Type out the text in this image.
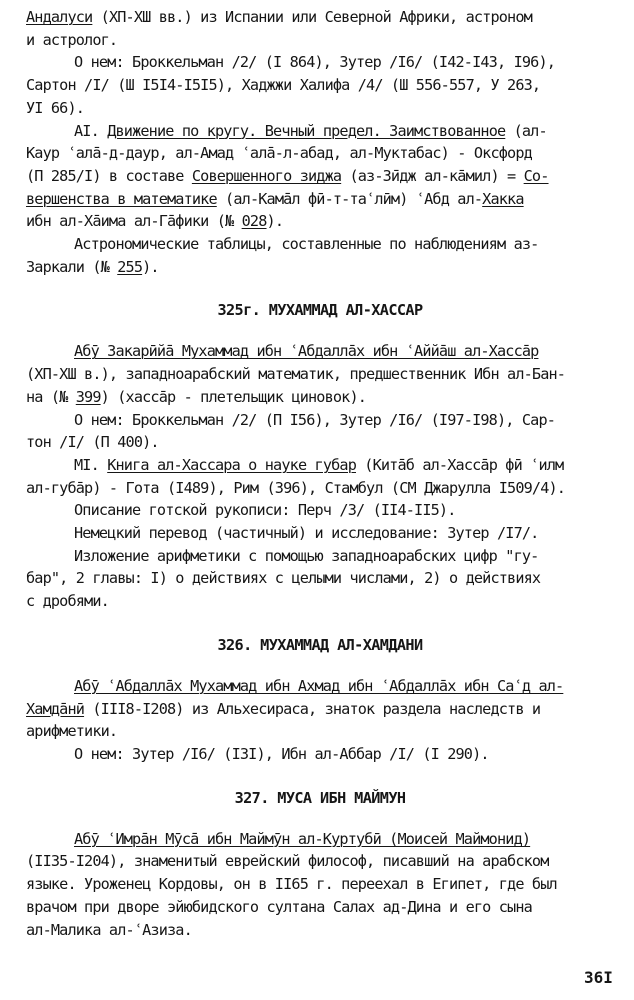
Андалуси (ХП-ХШ вв.) из Испании или Северной Африки, астроном

и астролог.

О нем: Броккельман /2/ (I 864), Зутер /I6/ (I42-I43, I96),

Сартон /I/ (Ш I5I4-I5I5), Хаджжи Халифа /4/ (Ш 556-557, У 263,

УI 66).

АI. Движение по кругу. Вечный предел. Заимствованное (ал-

Каур ʿала̄-д-даур, ал-Амад ʿала̄-л-абад, ал-Муктабас) - Оксфорд

(П 285/I) в составе Совершенного зиджа (аз-З̄идж ал-ка̄мил) = Со-

вершенства в математике (ал-Кама̄л фӣ-т-таʿлӣм) ʿАбд ал-Хакка

ибн ал-Ха̄има ал-Га̄фики (№ 028).

Астрономические таблицы, составленные по наблюдениям аз-

Заркали (№ 255).

325г. МУХАММАД АЛ-ХАССАР

Абӯ Закарӣйа̄ Мухаммад ибн ʿАбдалла̄х ибн ʿАййа̄ш ал-Хасса̄р

(ХП-ХШ в.), западноарабский математик, предшественник Ибн ал-Бан-

на (№ 399) (хасса̄р - плетельщик циновок).

О нем: Броккельман /2/ (П I56), Зутер /I6/ (I97-I98), Сар-

тон /I/ (П 400).

МI. Книга ал-Хассара о науке губар (Кита̄б ал-Хасса̄р фӣ ʿилм

ал-губа̄р) - Гота (I489), Рим (396), Стамбул (СМ Джарулла I509/4).

Описание готской рукописи: Перч /3/ (II4-II5).

Немецкий перевод (частичный) и исследование: Зутер /I7/.

Изложение арифметики с помощью западноарабских цифр "гу-

бар", 2 главы: I) о действиях с целыми числами, 2) о действиях

с дробями.

326. МУХАММАД АЛ-ХАМДАНИ

Абӯ ʿАбдалла̄х Мухаммад ибн Ахмад ибн ʿАбдалла̄х ибн Саʿд ал-

Хамда̄нӣ (III8-I208) из Альхесираса, знаток раздела наследств и

арифметики.

О нем: Зутер /I6/ (I3I), Ибн ал-Аббар /I/ (I 290).

327. МУСА ИБН МАЙМУН

Абӯ ʿИмра̄н Мӯса̄ ибн Маймӯн ал-Куртубӣ (Моисей Маймонид)

(II35-I204), знаменитый еврейский философ, писавший на арабском

языке. Уроженец Кордовы, он в II65 г. переехал в Египет, где был

врачом при дворе эйюбидского султана Салах ад-Дина и его сына

ал-Малика ал-ʿАзиза.

36I
